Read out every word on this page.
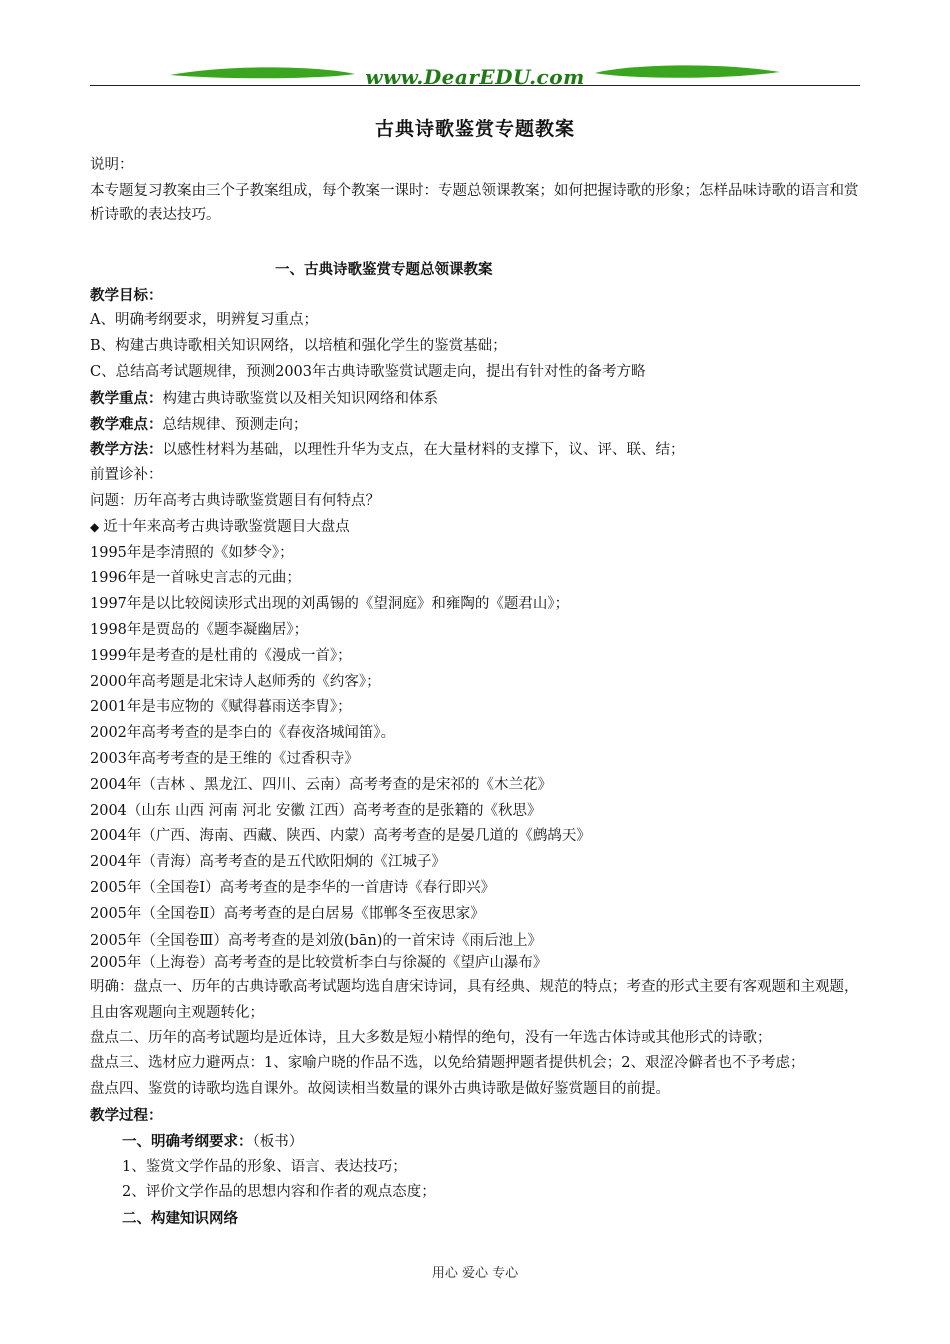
www.DearEDU.com
古典诗歌鉴赏专题教案
说明：
本专题复习教案由三个子教案组成，每个教案一课时：专题总领课教案；如何把握诗歌的形象；怎样品味诗歌的语言和赏析诗歌的表达技巧。
一、古典诗歌鉴赏专题总领课教案
教学目标：
A、明确考纲要求，明辨复习重点；
B、构建古典诗歌相关知识网络，以培植和强化学生的鉴赏基础；
C、总结高考试题规律，预测2003年古典诗歌鉴赏试题走向，提出有针对性的备考方略
教学重点：构建古典诗歌鉴赏以及相关知识网络和体系
教学难点：总结规律、预测走向；
教学方法：以感性材料为基础，以理性升华为支点，在大量材料的支撑下，议、评、联、结；
前置诊补：
问题：历年高考古典诗歌鉴赏题目有何特点？
◆ 近十年来高考古典诗歌鉴赏题目大盘点
1995年是李清照的《如梦令》；
1996年是一首咏史言志的元曲；
1997年是以比较阅读形式出现的刘禹锡的《望洞庭》和雍陶的《题君山》；
1998年是贾岛的《题李凝幽居》；
1999年是考查的是杜甫的《漫成一首》；
2000年高考题是北宋诗人赵师秀的《约客》；
2001年是韦应物的《赋得暮雨送李胄》；
2002年高考考查的是李白的《春夜洛城闻笛》。
2003年高考考查的是王维的《过香积寺》
2004年（吉林 、黑龙江、四川、云南）高考考查的是宋祁的《木兰花》
2004（山东 山西 河南 河北 安徽 江西）高考考查的是张籍的《秋思》
2004年（广西、海南、西藏、陕西、内蒙）高考考查的是晏几道的《鹧鸪天》
2004年（青海）高考考查的是五代欧阳炯的《江城子》
2005年（全国卷Ⅰ）高考考查的是李华的一首唐诗《春行即兴》
2005年（全国卷Ⅱ）高考考查的是白居易《邯郸冬至夜思家》
2005年（全国卷Ⅲ）高考考查的是刘攽(bān)的一首宋诗《雨后池上》
2005年（上海卷）高考考查的是比较赏析李白与徐凝的《望庐山瀑布》
明确：盘点一、历年的古典诗歌高考试题均选自唐宋诗词，具有经典、规范的特点；考查的形式主要有客观题和主观题，且由客观题向主观题转化；
盘点二、历年的高考试题均是近体诗，且大多数是短小精悍的绝句，没有一年选古体诗或其他形式的诗歌；
盘点三、选材应力避两点：1、家喻户晓的作品不选，以免给猜题押题者提供机会；2、艰涩冷僻者也不予考虑；
盘点四、鉴赏的诗歌均选自课外。故阅读相当数量的课外古典诗歌是做好鉴赏题目的前提。
教学过程：
一、明确考纲要求：（板书）
1、鉴赏文学作品的形象、语言、表达技巧；
2、评价文学作品的思想内容和作者的观点态度；
二、构建知识网络
用心 爱心 专心
